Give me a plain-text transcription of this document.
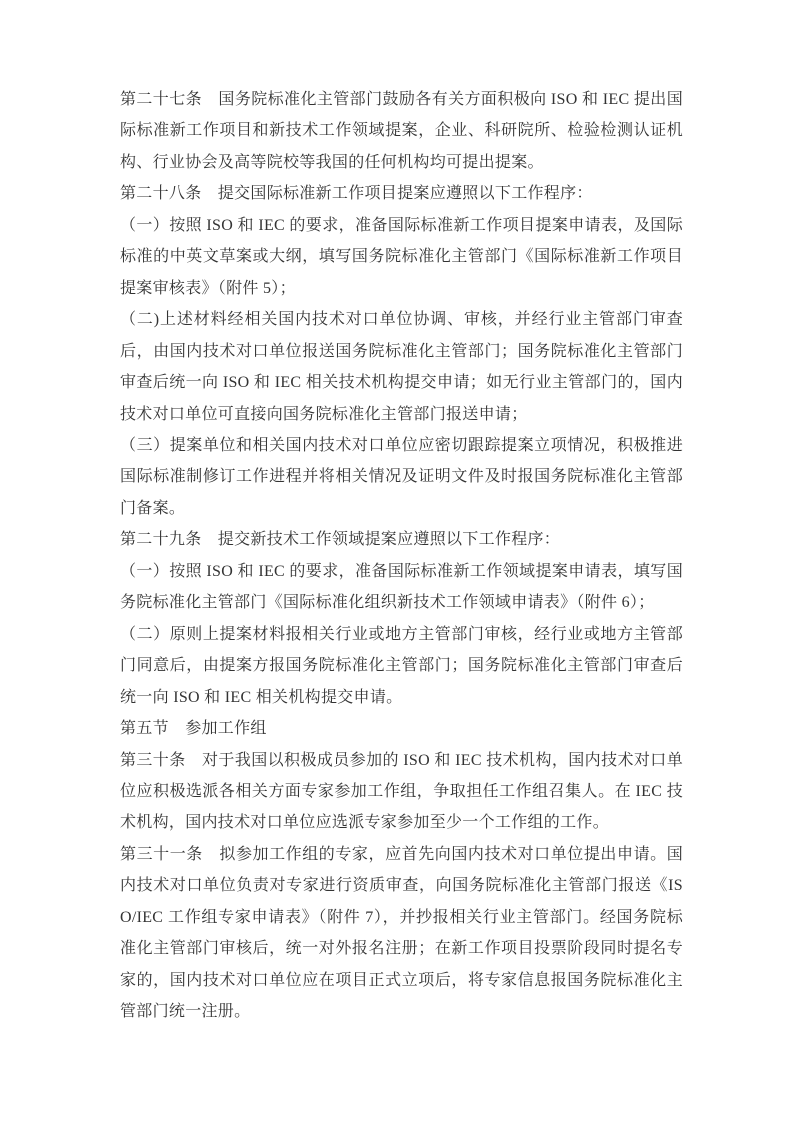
第二十七条　国务院标准化主管部门鼓励各有关方面积极向 ISO 和 IEC 提出国际标准新工作项目和新技术工作领域提案，企业、科研院所、检验检测认证机构、行业协会及高等院校等我国的任何机构均可提出提案。

第二十八条　提交国际标准新工作项目提案应遵照以下工作程序：

（一）按照 ISO 和 IEC 的要求，准备国际标准新工作项目提案申请表，及国际标准的中英文草案或大纲，填写国务院标准化主管部门《国际标准新工作项目提案审核表》（附件 5）；

（二)上述材料经相关国内技术对口单位协调、审核，并经行业主管部门审查后，由国内技术对口单位报送国务院标准化主管部门；国务院标准化主管部门审查后统一向 ISO 和 IEC 相关技术机构提交申请；如无行业主管部门的，国内技术对口单位可直接向国务院标准化主管部门报送申请；

（三）提案单位和相关国内技术对口单位应密切跟踪提案立项情况，积极推进国际标准制修订工作进程并将相关情况及证明文件及时报国务院标准化主管部门备案。

第二十九条　提交新技术工作领域提案应遵照以下工作程序：

（一）按照 ISO 和 IEC 的要求，准备国际标准新工作领域提案申请表，填写国务院标准化主管部门《国际标准化组织新技术工作领域申请表》（附件 6）；

（二）原则上提案材料报相关行业或地方主管部门审核，经行业或地方主管部门同意后，由提案方报国务院标准化主管部门；国务院标准化主管部门审查后统一向 ISO 和 IEC 相关机构提交申请。

第五节　参加工作组

第三十条　对于我国以积极成员参加的 ISO 和 IEC 技术机构，国内技术对口单位应积极选派各相关方面专家参加工作组，争取担任工作组召集人。在 IEC 技术机构，国内技术对口单位应选派专家参加至少一个工作组的工作。

第三十一条　拟参加工作组的专家，应首先向国内技术对口单位提出申请。国内技术对口单位负责对专家进行资质审查，向国务院标准化主管部门报送《ISO/IEC 工作组专家申请表》（附件 7），并抄报相关行业主管部门。经国务院标准化主管部门审核后，统一对外报名注册；在新工作项目投票阶段同时提名专家的，国内技术对口单位应在项目正式立项后，将专家信息报国务院标准化主管部门统一注册。
